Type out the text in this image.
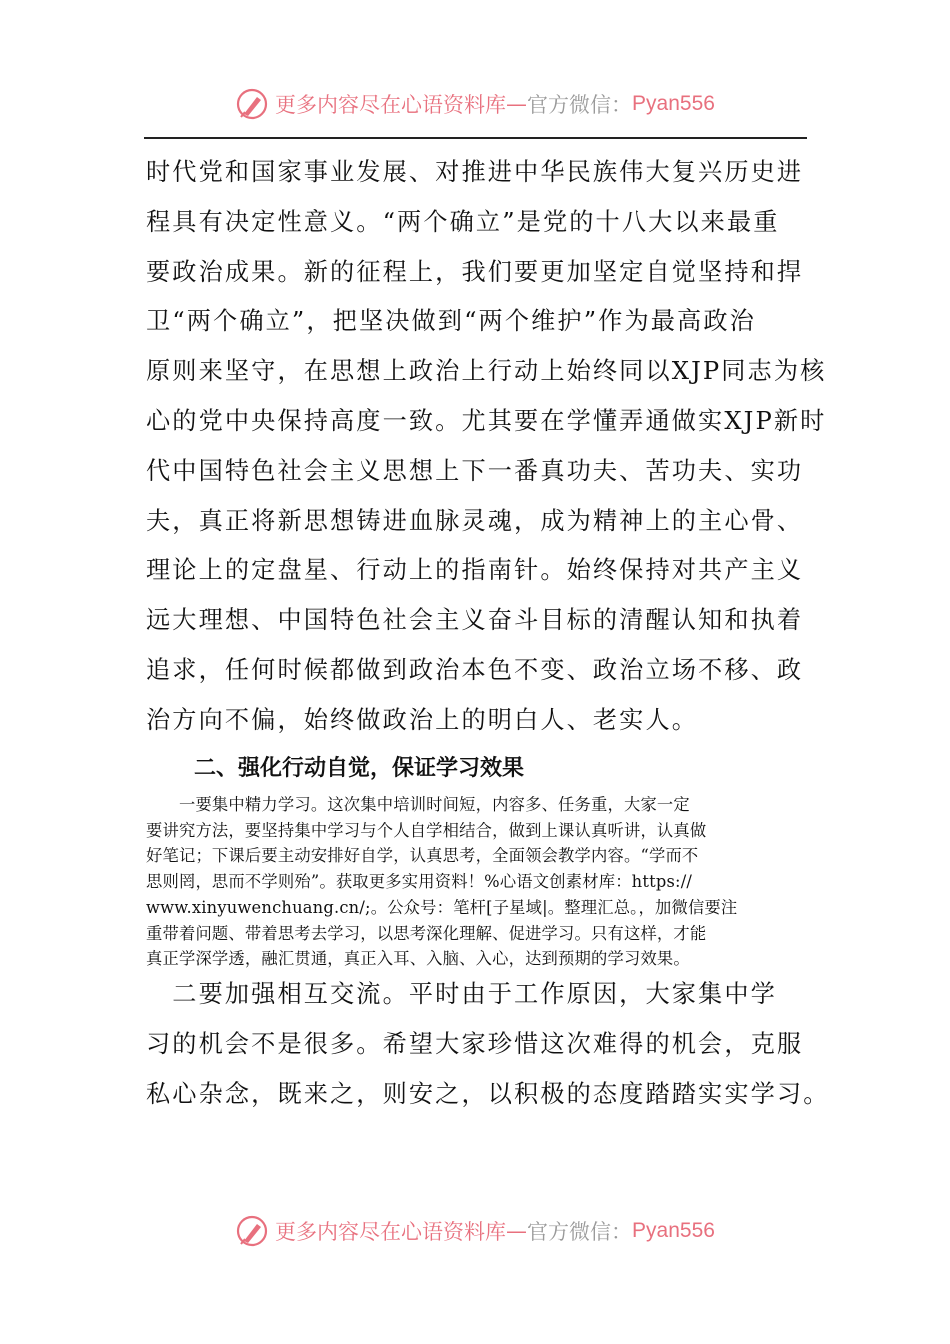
更多内容尽在心语资料库 — 官方微信： Pyan556

时代党和国家事业发展、对推进中华民族伟大复兴历史进

程具有决定性意义。“两个确立”是党的十八大以来最重

要政治成果。新的征程上，我们要更加坚定自觉坚持和捍

卫“两个确立”，把坚决做到“两个维护”作为最高政治

原则来坚守，在思想上政治上行动上始终同以XJP同志为核

心的党中央保持高度一致。尤其要在学懂弄通做实XJP新时

代中国特色社会主义思想上下一番真功夫、苦功夫、实功

夫，真正将新思想铸进血脉灵魂，成为精神上的主心骨、

理论上的定盘星、行动上的指南针。始终保持对共产主义

远大理想、中国特色社会主义奋斗目标的清醒认知和执着

追求，任何时候都做到政治本色不变、政治立场不移、政

治方向不偏，始终做政治上的明白人、老实人。

二、强化行动自觉，保证学习效果

　　一要集中精力学习。这次集中培训时间短，内容多、任务重，大家一定

要讲究方法，要坚持集中学习与个人自学相结合，做到上课认真听讲，认真做

好笔记；下课后要主动安排好自学，认真思考，全面领会教学内容。“学而不

思则罔，思而不学则殆”。获取更多实用资料！%心语文创素材库：https://

www.xinyuwenchuang.cn/;。公众号：笔杆[子星域|。整理汇总。，加微信要注

重带着问题、带着思考去学习，以思考深化理解、促进学习。只有这样，才能

真正学深学透，融汇贯通，真正入耳、入脑、入心，达到预期的学习效果。

　二要加强相互交流。平时由于工作原因，大家集中学

习的机会不是很多。希望大家珍惜这次难得的机会，克服

私心杂念，既来之，则安之，以积极的态度踏踏实实学习。

更多内容尽在心语资料库 — 官方微信： Pyan556
